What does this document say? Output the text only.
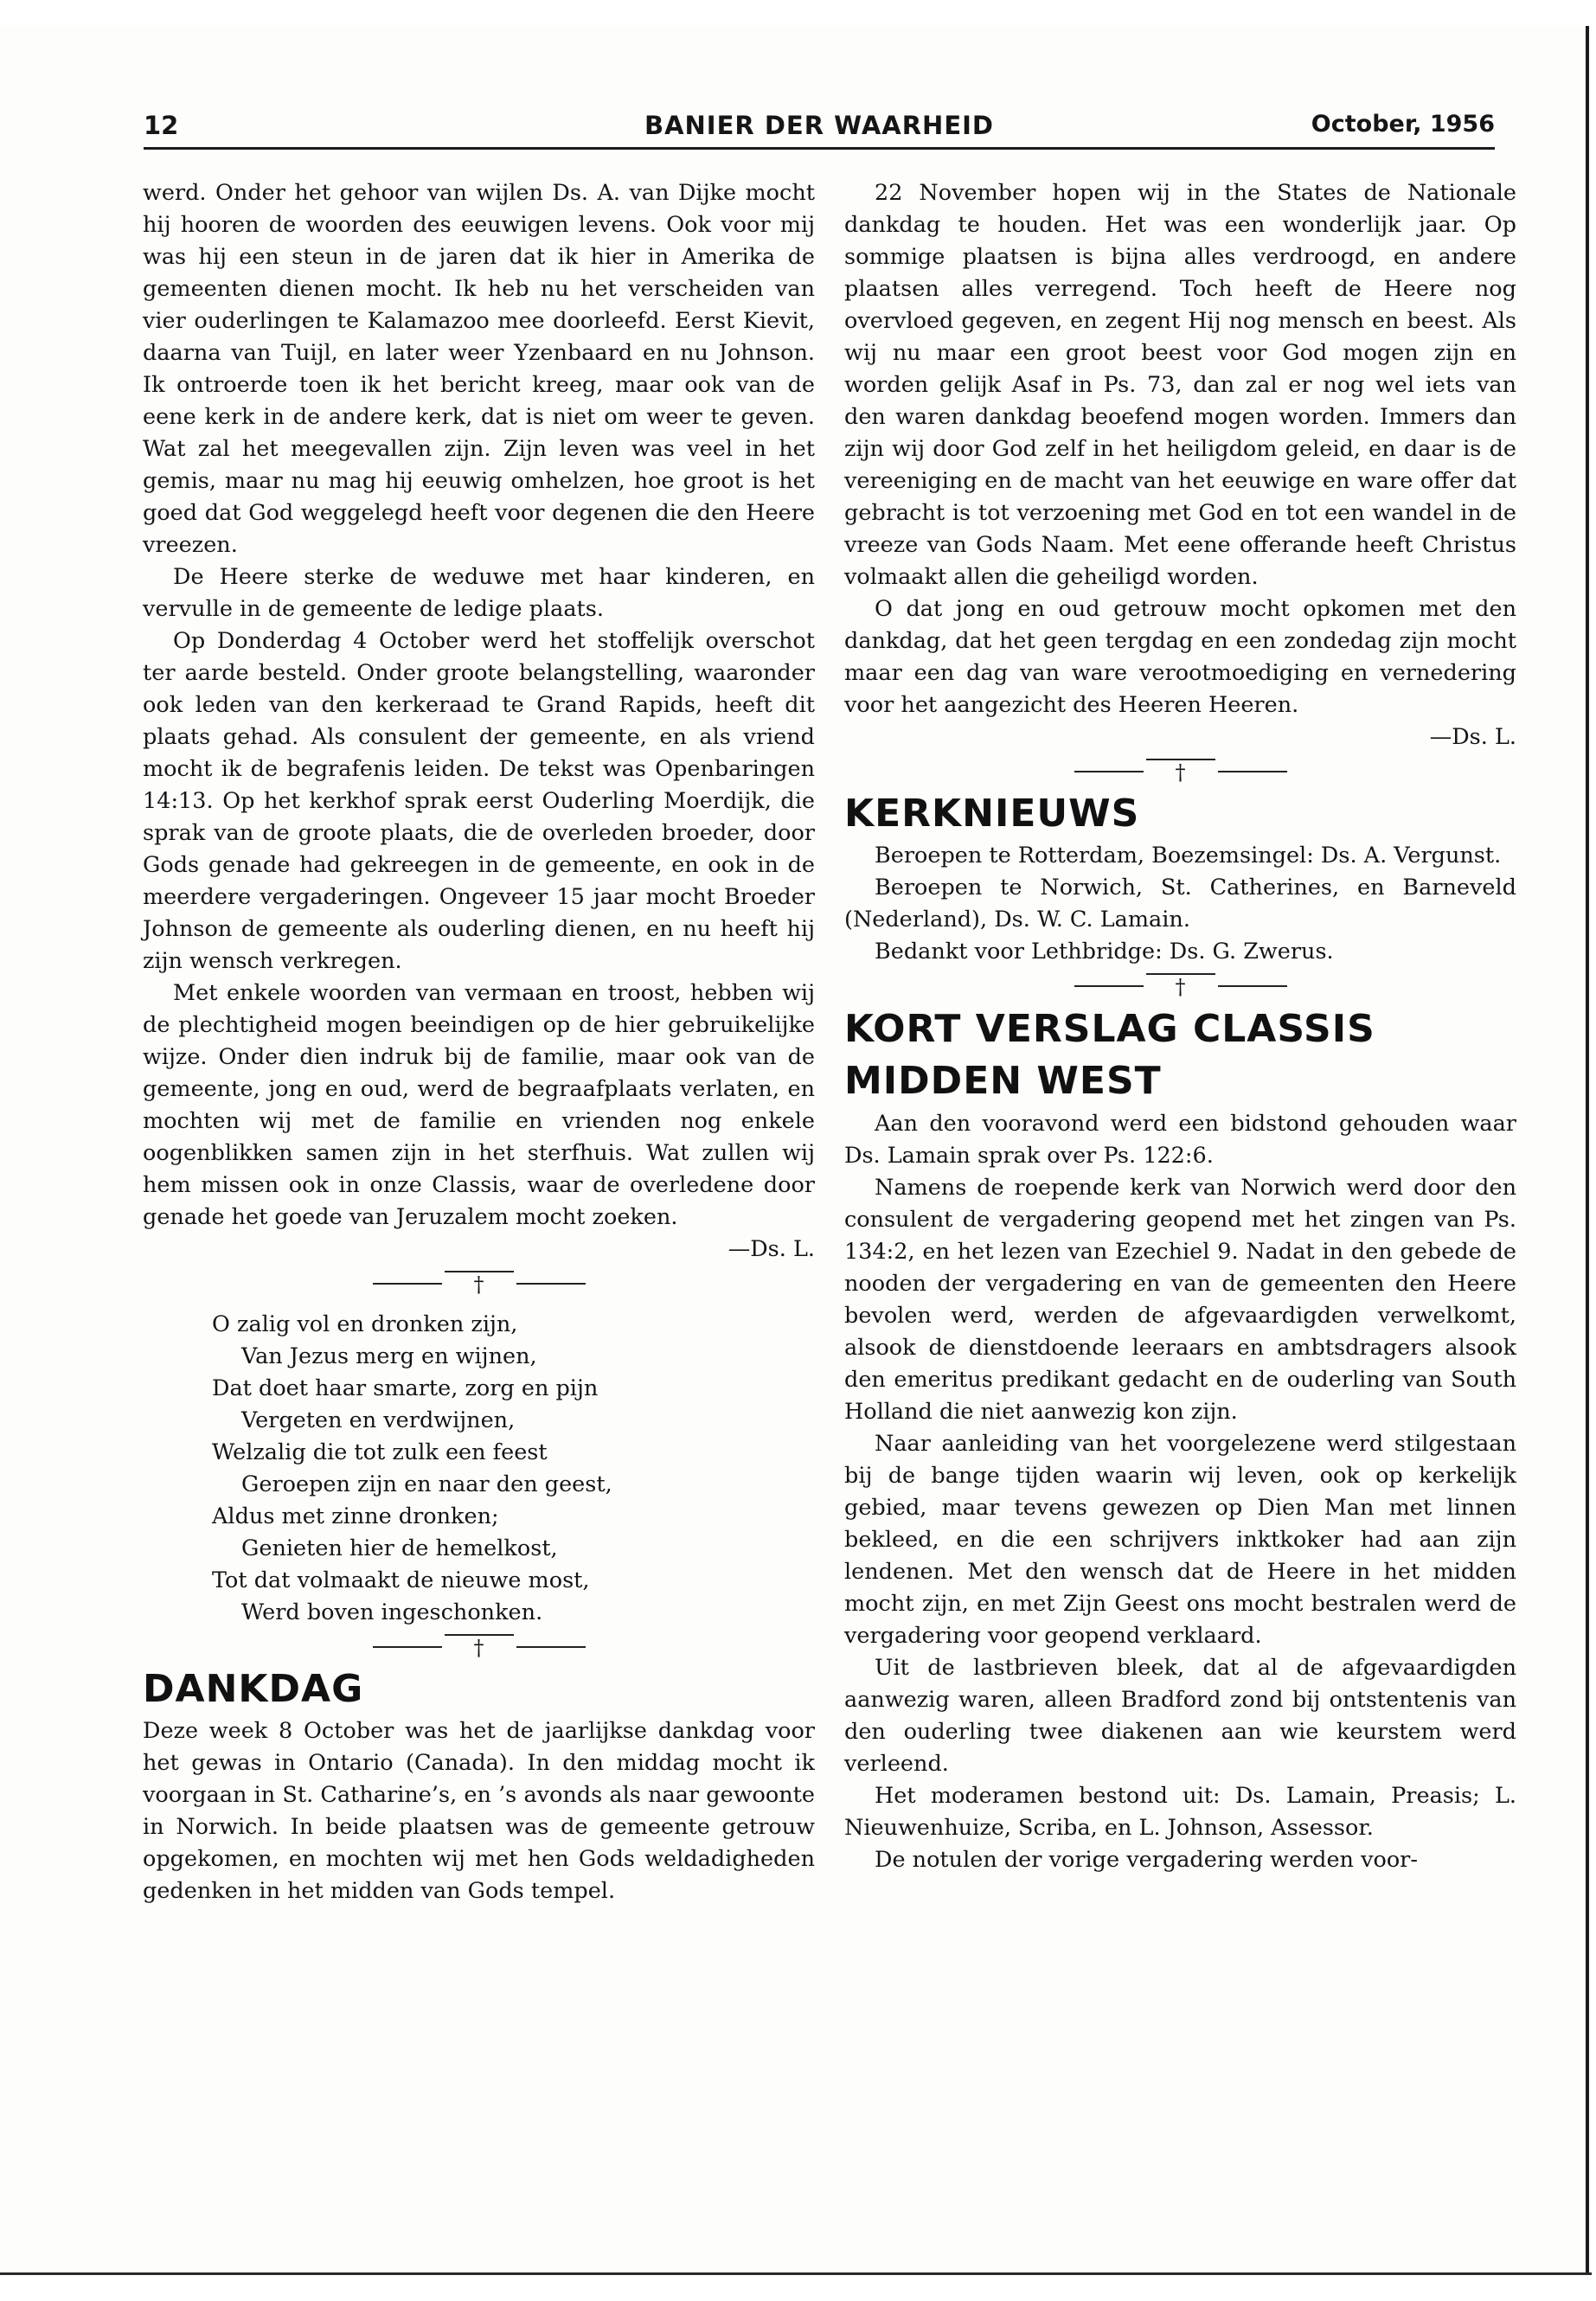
BANIER DER WAARHEID
12	October, 1956

werd. Onder het gehoor van wijlen Ds. A. van Dijke mocht hij hooren de woorden des eeuwigen levens. Ook voor mij was hij een steun in de jaren dat ik hier in Amerika de gemeenten dienen mocht. Ik heb nu het verscheiden van vier ouderlingen te Kalamazoo mee doorleefd. Eerst Kievit, daarna van Tuijl, en later weer Yzenbaard en nu Johnson. Ik ontroerde toen ik het bericht kreeg, maar ook van de eene kerk in de andere kerk, dat is niet om weer te geven. Wat zal het meegevallen zijn. Zijn leven was veel in het gemis, maar nu mag hij eeuwig omhelzen, hoe groot is het goed dat God weggelegd heeft voor degenen die den Heere vreezen.

De Heere sterke de weduwe met haar kinderen, en vervulle in de gemeente de ledige plaats.

Op Donderdag 4 October werd het stoffelijk overschot ter aarde besteld. Onder groote belangstelling, waaronder ook leden van den kerkeraad te Grand Rapids, heeft dit plaats gehad. Als consulent der gemeente, en als vriend mocht ik de begrafenis leiden. De tekst was Openbaringen 14:13. Op het kerkhof sprak eerst Ouderling Moerdijk, die sprak van de groote plaats, die de overleden broeder, door Gods genade had gekreegen in de gemeente, en ook in de meerdere vergaderingen. Ongeveer 15 jaar mocht Broeder Johnson de gemeente als ouderling dienen, en nu heeft hij zijn wensch verkregen.

Met enkele woorden van vermaan en troost, hebben wij de plechtigheid mogen beeindigen op de hier gebruikelijke wijze. Onder dien indruk bij de familie, maar ook van de gemeente, jong en oud, werd de begraafplaats verlaten, en mochten wij met de familie en vrienden nog enkele oogenblikken samen zijn in het sterfhuis. Wat zullen wij hem missen ook in onze Classis, waar de overledene door genade het goede van Jeruzalem mocht zoeken.

—Ds. L.
†
O zalig vol en dronken zijn,
Van Jezus merg en wijnen,
Dat doet haar smarte, zorg en pijn
Vergeten en verdwijnen,
Welzalig die tot zulk een feest
Geroepen zijn en naar den geest,
Aldus met zinne dronken;
Genieten hier de hemelkost,
Tot dat volmaakt de nieuwe most,
Werd boven ingeschonken.
†
DANKDAG

Deze week 8 October was het de jaarlijkse dankdag voor het gewas in Ontario (Canada). In den middag mocht ik voorgaan in St. Catharine’s, en ’s avonds als naar gewoonte in Norwich. In beide plaatsen was de gemeente getrouw opgekomen, en mochten wij met hen Gods weldadigheden gedenken in het midden van Gods tempel.

22 November hopen wij in the States de Nationale dankdag te houden. Het was een wonderlijk jaar. Op sommige plaatsen is bijna alles verdroogd, en andere plaatsen alles verregend. Toch heeft de Heere nog overvloed gegeven, en zegent Hij nog mensch en beest. Als wij nu maar een groot beest voor God mogen zijn en worden gelijk Asaf in Ps. 73, dan zal er nog wel iets van den waren dankdag beoefend mogen worden. Immers dan zijn wij door God zelf in het heiligdom geleid, en daar is de vereeniging en de macht van het eeuwige en ware offer dat gebracht is tot verzoening met God en tot een wandel in de vreeze van Gods Naam. Met eene offerande heeft Christus volmaakt allen die geheiligd worden.

O dat jong en oud getrouw mocht opkomen met den dankdag, dat het geen tergdag en een zondedag zijn mocht maar een dag van ware verootmoediging en vernedering voor het aangezicht des Heeren Heeren.

—Ds. L.
†
KERKNIEUWS

Beroepen te Rotterdam, Boezemsingel: Ds. A. Vergunst.

Beroepen te Norwich, St. Catherines, en Barneveld (Nederland), Ds. W. C. Lamain.

Bedankt voor Lethbridge: Ds. G. Zwerus.

†
KORT VERSLAG CLASSIS
MIDDEN WEST

Aan den vooravond werd een bidstond gehouden waar Ds. Lamain sprak over Ps. 122:6.

Namens de roepende kerk van Norwich werd door den consulent de vergadering geopend met het zingen van Ps. 134:2, en het lezen van Ezechiel 9. Nadat in den gebede de nooden der vergadering en van de gemeenten den Heere bevolen werd, werden de afgevaardigden verwelkomt, alsook de dienstdoende leeraars en ambtsdragers alsook den emeritus predikant gedacht en de ouderling van South Holland die niet aanwezig kon zijn.

Naar aanleiding van het voorgelezene werd stilgestaan bij de bange tijden waarin wij leven, ook op kerkelijk gebied, maar tevens gewezen op Dien Man met linnen bekleed, en die een schrijvers inktkoker had aan zijn lendenen. Met den wensch dat de Heere in het midden mocht zijn, en met Zijn Geest ons mocht bestralen werd de vergadering voor geopend verklaard.

Uit de lastbrieven bleek, dat al de afgevaardigden aanwezig waren, alleen Bradford zond bij ontstentenis van den ouderling twee diakenen aan wie keurstem werd verleend.

Het moderamen bestond uit: Ds. Lamain, Preasis; L. Nieuwenhuize, Scriba, en L. Johnson, Assessor.

De notulen der vorige vergadering werden voor-
